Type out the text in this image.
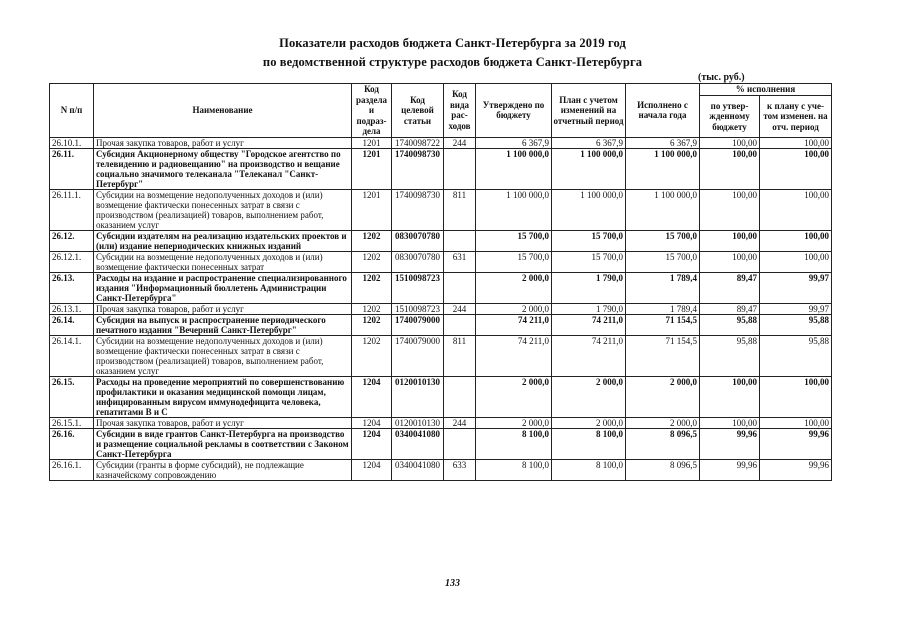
Показатели расходов бюджета Санкт-Петербурга за 2019 год
по ведомственной структуре расходов бюджета Санкт-Петербурга
(тыс. руб.)
N п/п	Наименование	Код раздела и подраз-дела	Код целевой статьи	Код вида рас-ходов	Утверждено по бюджету	План с учетом изменений на отчетный период	Исполнено с начала года	% исполнения	
								по утвер-жденному бюджету	к плану с уче-том изменен. на отч. период
26.10.1.	Прочая закупка товаров, работ и услуг	1201	1740098722	244	6 367,9	6 367,9	6 367,9	100,00	100,00
26.11.	Субсидия Акционерному обществу "Городское агентство по телевидению и радиовещанию" на производство и вещание социально значимого телеканала "Телеканал "Санкт-Петербург"	1201	1740098730		1 100 000,0	1 100 000,0	1 100 000,0	100,00	100,00
26.11.1.	Субсидии на возмещение недополученных доходов и (или) возмещение фактически понесенных затрат в связи с производством (реализацией) товаров, выполнением работ, оказанием услуг	1201	1740098730	811	1 100 000,0	1 100 000,0	1 100 000,0	100,00	100,00
26.12.	Субсидии издателям на реализацию издательских проектов и (или) издание непериодических книжных изданий	1202	0830070780		15 700,0	15 700,0	15 700,0	100,00	100,00
26.12.1.	Субсидии на возмещение недополученных доходов и (или) возмещение фактически понесенных затрат	1202	0830070780	631	15 700,0	15 700,0	15 700,0	100,00	100,00
26.13.	Расходы на издание и распространение специализированного издания "Информационный бюллетень Администрации Санкт-Петербурга"	1202	1510098723		2 000,0	1 790,0	1 789,4	89,47	99,97
26.13.1.	Прочая закупка товаров, работ и услуг	1202	1510098723	244	2 000,0	1 790,0	1 789,4	89,47	99,97
26.14.	Субсидия на выпуск и распространение периодического печатного издания "Вечерний Санкт-Петербург"	1202	1740079000		74 211,0	74 211,0	71 154,5	95,88	95,88
26.14.1.	Субсидии на возмещение недополученных доходов и (или) возмещение фактически понесенных затрат в связи с производством (реализацией) товаров, выполнением работ, оказанием услуг	1202	1740079000	811	74 211,0	74 211,0	71 154,5	95,88	95,88
26.15.	Расходы на проведение мероприятий по совершенствованию профилактики и оказания медицинской помощи лицам, инфицированным вирусом иммунодефицита человека, гепатитами В и С	1204	0120010130		2 000,0	2 000,0	2 000,0	100,00	100,00
26.15.1.	Прочая закупка товаров, работ и услуг	1204	0120010130	244	2 000,0	2 000,0	2 000,0	100,00	100,00
26.16.	Субсидии в виде грантов Санкт-Петербурга на производство и размещение социальной рекламы в соответствии с Законом Санкт-Петербурга	1204	0340041080		8 100,0	8 100,0	8 096,5	99,96	99,96
26.16.1.	Субсидии (гранты в форме субсидий), не подлежащие казначейскому сопровождению	1204	0340041080	633	8 100,0	8 100,0	8 096,5	99,96	99,96
133
